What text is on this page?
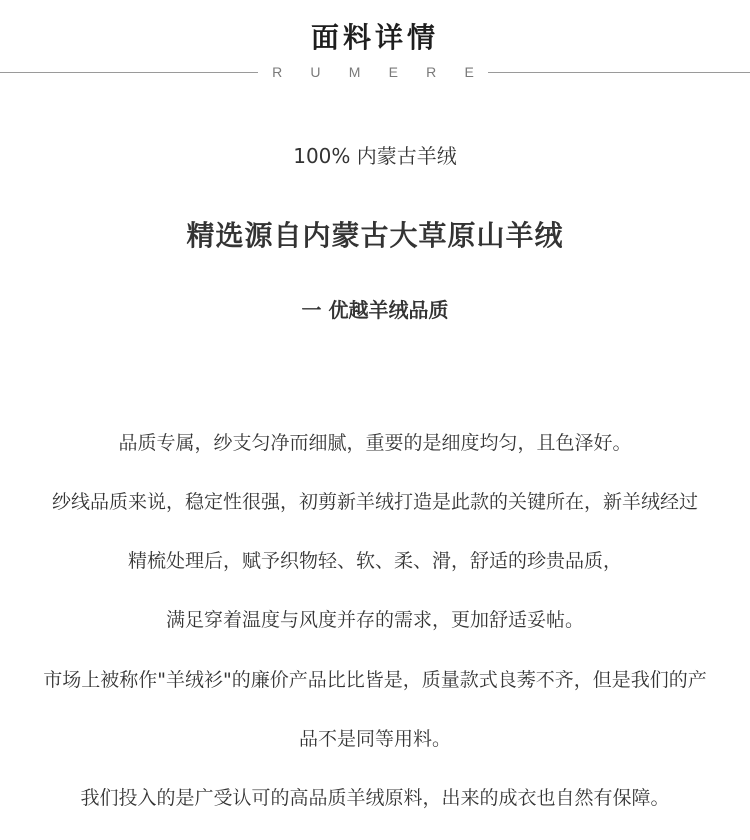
面料详情
R U M E R E
100% 内蒙古羊绒
精选源自内蒙古大草原山羊绒
一 优越羊绒品质
品质专属，纱支匀净而细腻，重要的是细度均匀，且色泽好。
纱线品质来说，稳定性很强，初剪新羊绒打造是此款的关键所在，新羊绒经过
精梳处理后，赋予织物轻、软、柔、滑，舒适的珍贵品质，
满足穿着温度与风度并存的需求，更加舒适妥帖。
市场上被称作"羊绒衫"的廉价产品比比皆是，质量款式良莠不齐，但是我们的产
品不是同等用料。
我们投入的是广受认可的高品质羊绒原料，出来的成衣也自然有保障。
